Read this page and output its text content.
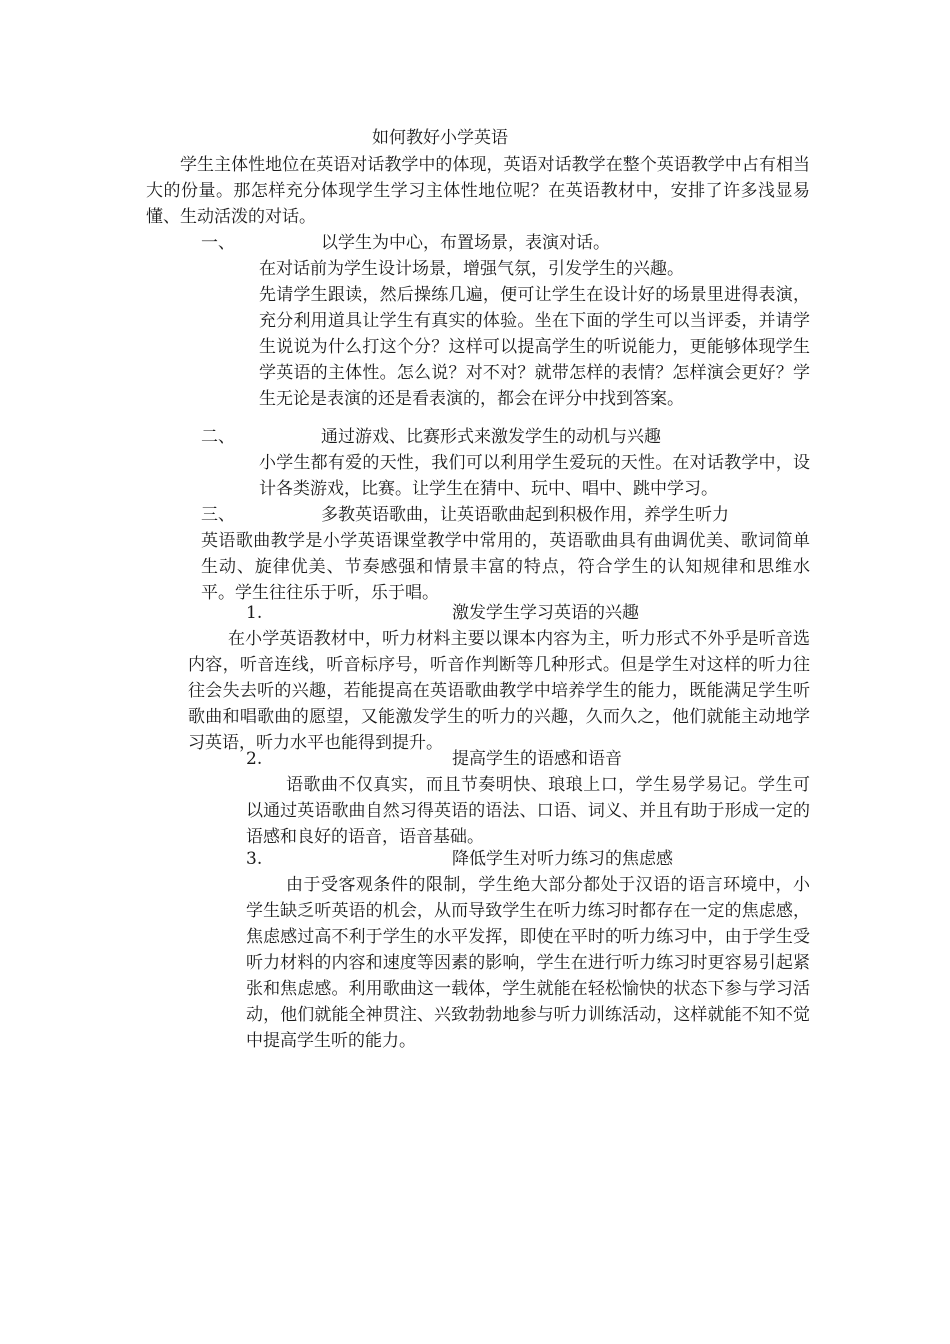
如何教好小学英语
学生主体性地位在英语对话教学中的体现，英语对话教学在整个英语教学中占有相当大的份量。那怎样充分体现学生学习主体性地位呢？在英语教材中，安排了许多浅显易懂、生动活泼的对话。
一、	以学生为中心，布置场景，表演对话。
在对话前为学生设计场景，增强气氛，引发学生的兴趣。
先请学生跟读，然后操练几遍，便可让学生在设计好的场景里进得表演，充分利用道具让学生有真实的体验。坐在下面的学生可以当评委，并请学生说说为什么打这个分？这样可以提高学生的听说能力，更能够体现学生学英语的主体性。怎么说？对不对？就带怎样的表情？怎样演会更好？学生无论是表演的还是看表演的，都会在评分中找到答案。
二、	通过游戏、比赛形式来激发学生的动机与兴趣
小学生都有爱的天性，我们可以利用学生爱玩的天性。在对话教学中，设计各类游戏，比赛。让学生在猜中、玩中、唱中、跳中学习。
三、	多教英语歌曲，让英语歌曲起到积极作用，养学生听力
英语歌曲教学是小学英语课堂教学中常用的，英语歌曲具有曲调优美、歌词简单生动、旋律优美、节奏感强和情景丰富的特点，符合学生的认知规律和思维水平。学生往往乐于听，乐于唱。
1.	激发学生学习英语的兴趣
在小学英语教材中，听力材料主要以课本内容为主，听力形式不外乎是听音选内容，听音连线，听音标序号，听音作判断等几种形式。但是学生对这样的听力往往会失去听的兴趣，若能提高在英语歌曲教学中培养学生的能力，既能满足学生听歌曲和唱歌曲的愿望，又能激发学生的听力的兴趣，久而久之，他们就能主动地学习英语，听力水平也能得到提升。
2.	提高学生的语感和语音
语歌曲不仅真实，而且节奏明快、琅琅上口，学生易学易记。学生可以通过英语歌曲自然习得英语的语法、口语、词义、并且有助于形成一定的语感和良好的语音，语音基础。
3.	降低学生对听力练习的焦虑感
由于受客观条件的限制，学生绝大部分都处于汉语的语言环境中，小学生缺乏听英语的机会，从而导致学生在听力练习时都存在一定的焦虑感，焦虑感过高不利于学生的水平发挥，即使在平时的听力练习中，由于学生受听力材料的内容和速度等因素的影响，学生在进行听力练习时更容易引起紧张和焦虑感。利用歌曲这一载体，学生就能在轻松愉快的状态下参与学习活动，他们就能全神贯注、兴致勃勃地参与听力训练活动，这样就能不知不觉中提高学生听的能力。
